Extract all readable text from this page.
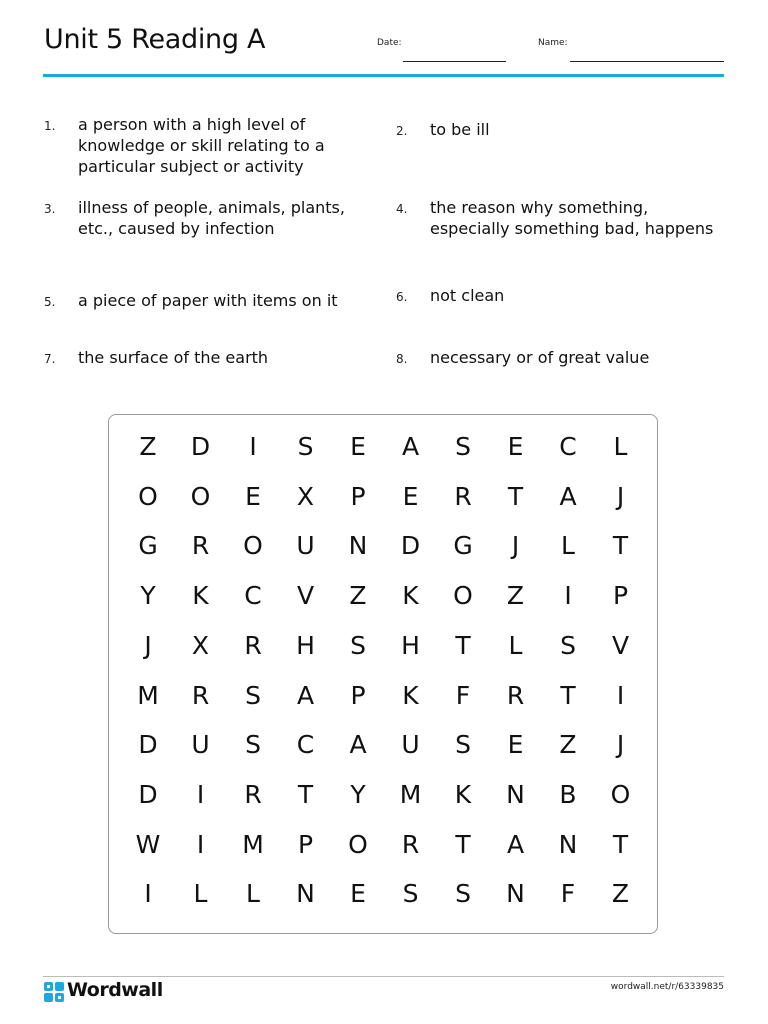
Unit 5 Reading A	Date:	Name:
1. a person with a high level of knowledge or skill relating to a particular subject or activity
2. to be ill
3. illness of people, animals, plants, etc., caused by infection
4. the reason why something, especially something bad, happens
5. a piece of paper with items on it	6. not clean
7. the surface of the earth	8. necessary or of great value
Z	D	I	S	E	A	S	E	C	L
O	O	E	X	P	E	R	T	A	J
G	R	O	U	N	D	G	J	L	T
Y	K	C	V	Z	K	O	Z	I	P
J	X	R	H	S	H	T	L	S	V
M	R	S	A	P	K	F	R	T	I
D	U	S	C	A	U	S	E	Z	J
D	I	R	T	Y	M	K	N	B	O
W	I	M	P	O	R	T	A	N	T
I	L	L	N	E	S	S	N	F	Z
Wordwall	wordwall.net/r/63339835
